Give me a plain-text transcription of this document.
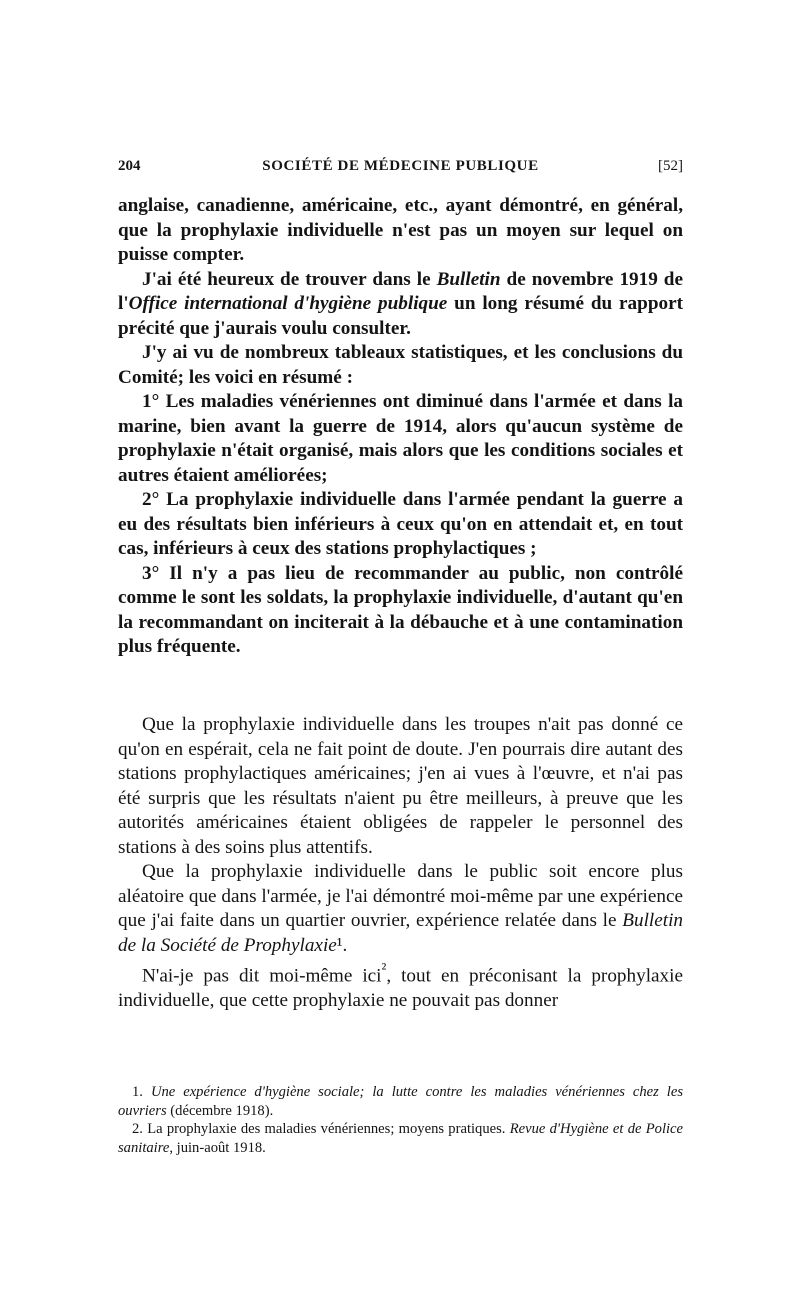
204	SOCIÉTÉ DE MÉDECINE PUBLIQUE	[52]

anglaise, canadienne, américaine, etc., ayant démontré, en général, que la prophylaxie individuelle n'est pas un moyen sur lequel on puisse compter.

J'ai été heureux de trouver dans le Bulletin de novembre 1919 de l'Office international d'hygiène publique un long résumé du rapport précité que j'aurais voulu consulter.

J'y ai vu de nombreux tableaux statistiques, et les conclusions du Comité; les voici en résumé :

1° Les maladies vénériennes ont diminué dans l'armée et dans la marine, bien avant la guerre de 1914, alors qu'aucun système de prophylaxie n'était organisé, mais alors que les conditions sociales et autres étaient améliorées;

2° La prophylaxie individuelle dans l'armée pendant la guerre a eu des résultats bien inférieurs à ceux qu'on en attendait et, en tout cas, inférieurs à ceux des stations prophylactiques ;

3° Il n'y a pas lieu de recommander au public, non contrôlé comme le sont les soldats, la prophylaxie individuelle, d'autant qu'en la recommandant on inciterait à la débauche et à une contamination plus fréquente.

Que la prophylaxie individuelle dans les troupes n'ait pas donné ce qu'on en espérait, cela ne fait point de doute. J'en pourrais dire autant des stations prophylactiques américaines; j'en ai vues à l'œuvre, et n'ai pas été surpris que les résultats n'aient pu être meilleurs, à preuve que les autorités américaines étaient obligées de rappeler le personnel des stations à des soins plus attentifs.

Que la prophylaxie individuelle dans le public soit encore plus aléatoire que dans l'armée, je l'ai démontré moi-même par une expérience que j'ai faite dans un quartier ouvrier, expérience relatée dans le Bulletin de la Société de Prophylaxie¹.

N'ai-je pas dit moi-même ici$^{^2}$, tout en préconisant la prophylaxie individuelle, que cette prophylaxie ne pouvait pas donner

1. Une expérience d'hygiène sociale; la lutte contre les maladies vénériennes chez les ouvriers (décembre 1918).

2. La prophylaxie des maladies vénériennes; moyens pratiques. Revue d'Hygiène et de Police sanitaire, juin-août 1918.
